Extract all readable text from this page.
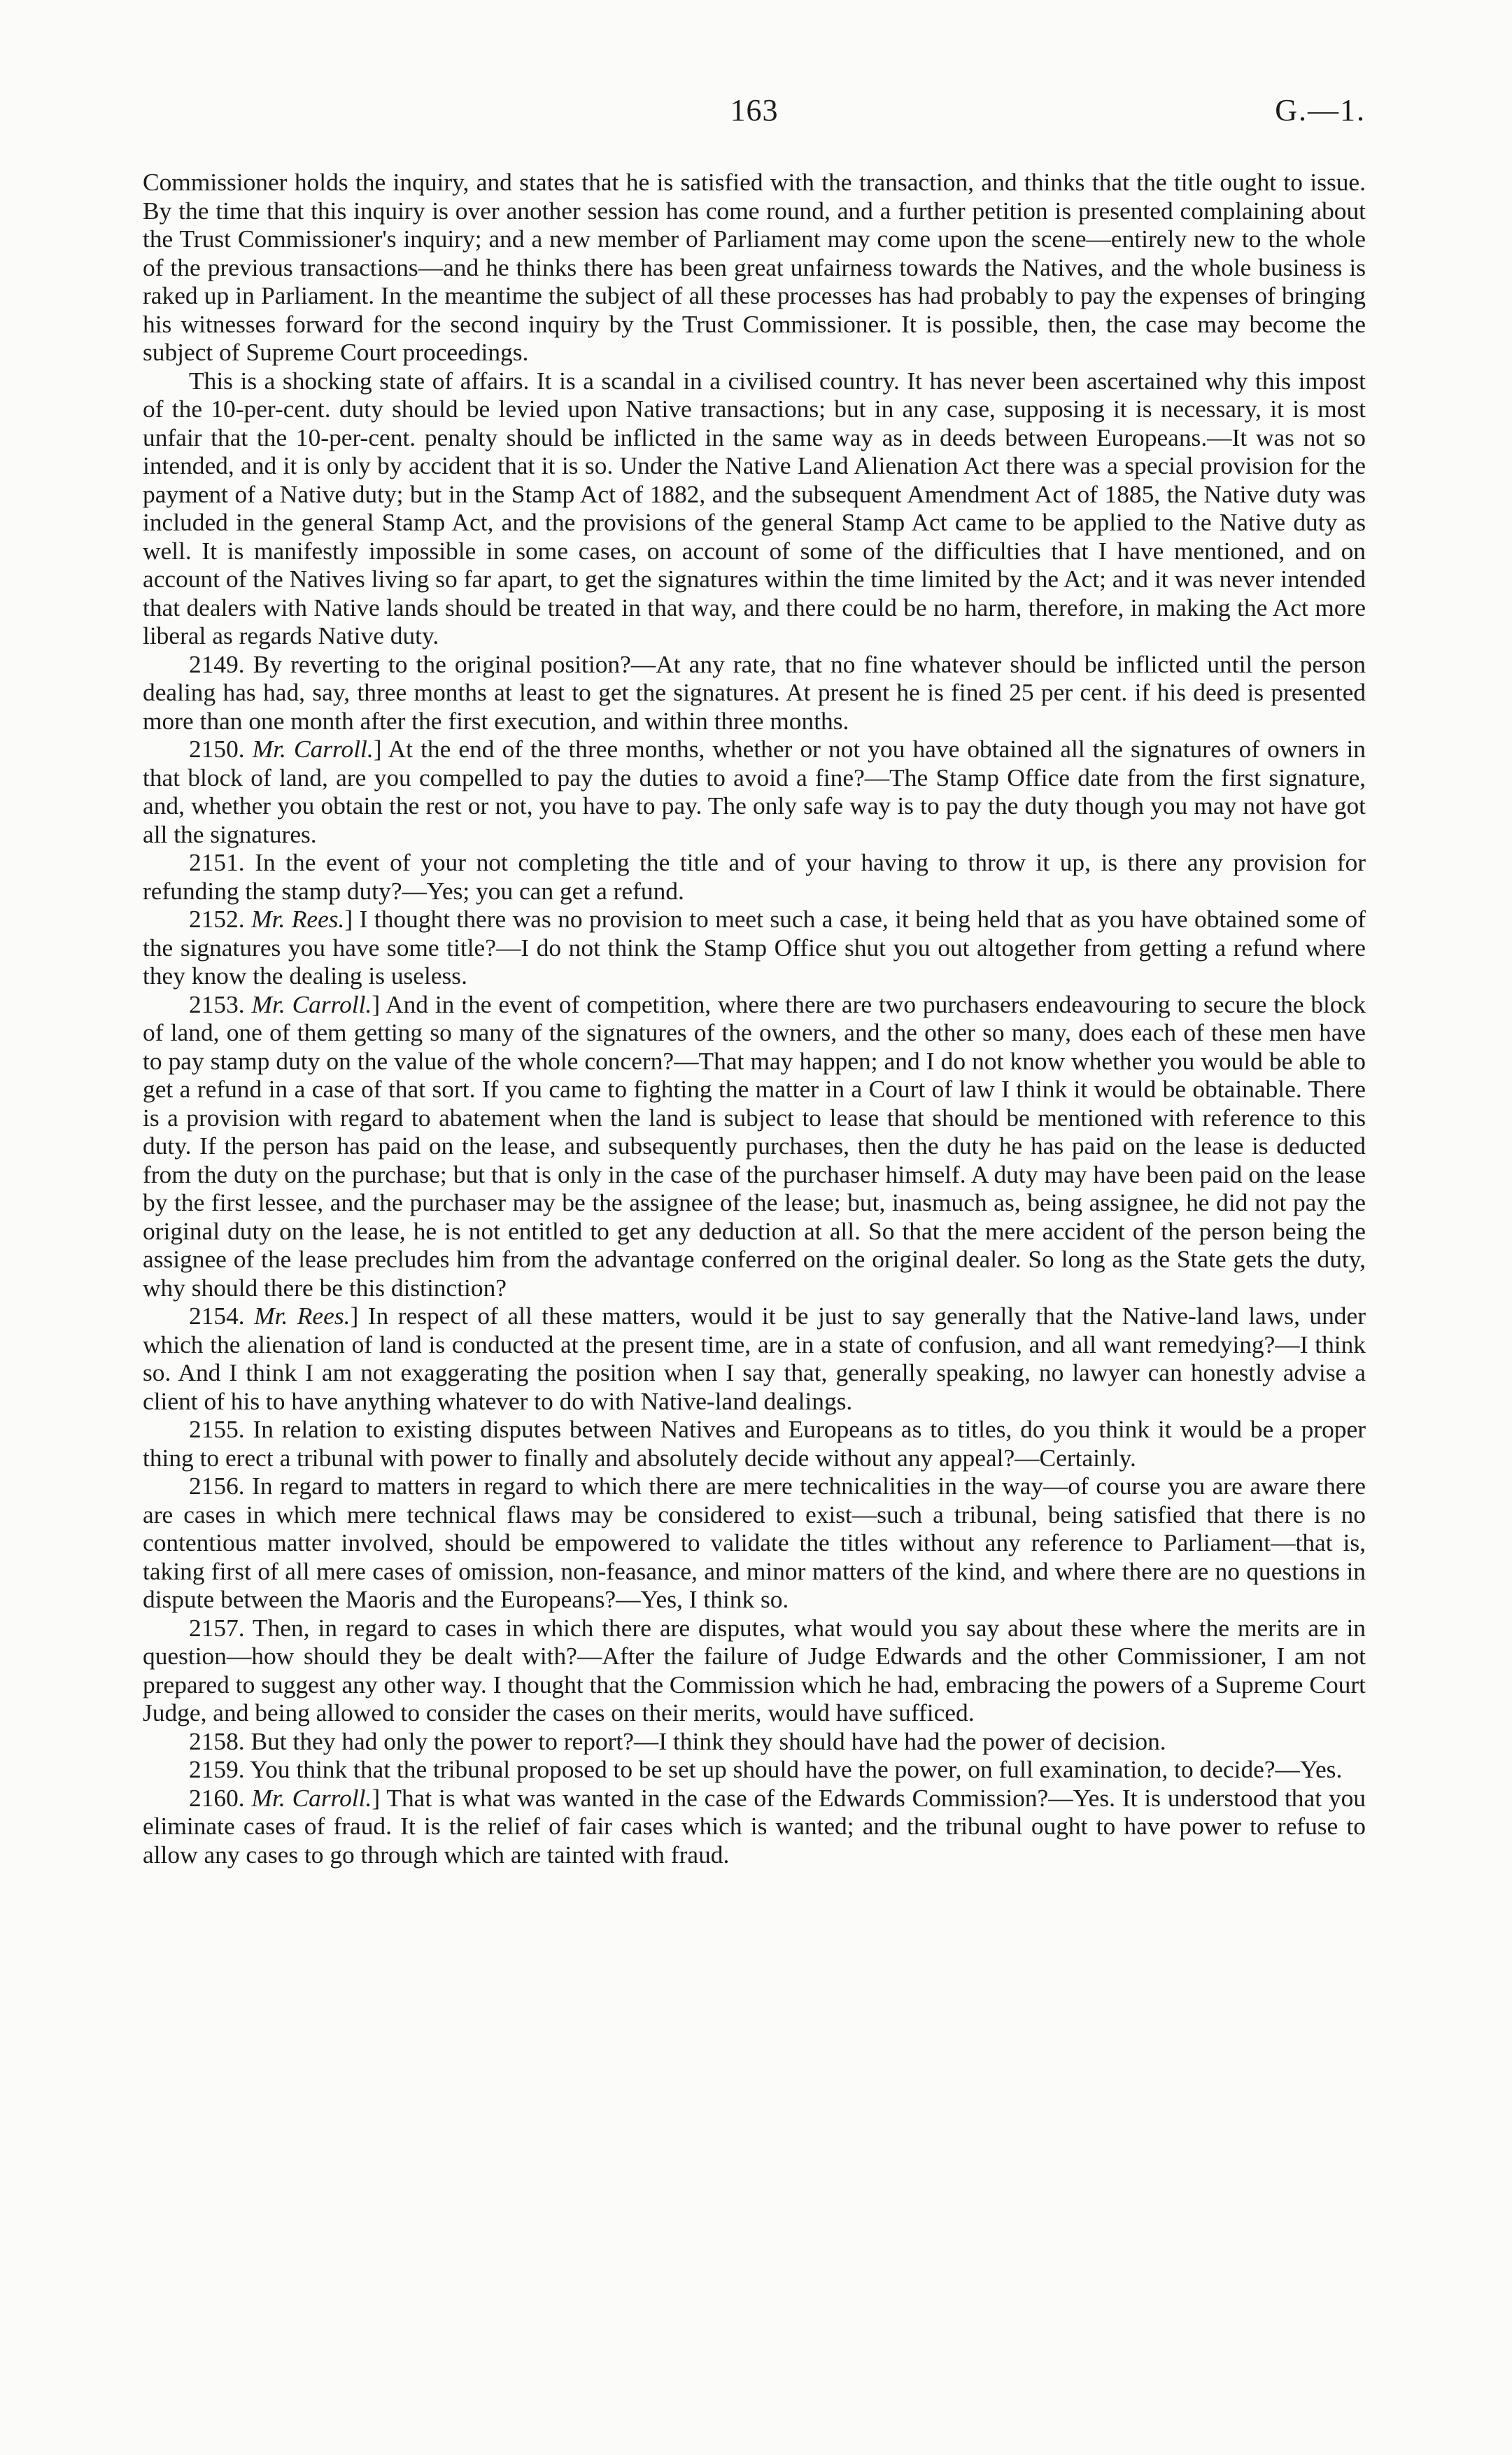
163	G.—1.

Commissioner holds the inquiry, and states that he is satisfied with the transaction, and thinks that the title ought to issue. By the time that this inquiry is over another session has come round, and a further petition is presented complaining about the Trust Commissioner's inquiry; and a new member of Parliament may come upon the scene—entirely new to the whole of the previous transactions—and he thinks there has been great unfairness towards the Natives, and the whole business is raked up in Parliament. In the meantime the subject of all these processes has had probably to pay the expenses of bringing his witnesses forward for the second inquiry by the Trust Commissioner. It is possible, then, the case may become the subject of Supreme Court proceedings.

This is a shocking state of affairs. It is a scandal in a civilised country. It has never been ascertained why this impost of the 10-per-cent. duty should be levied upon Native transactions; but in any case, supposing it is necessary, it is most unfair that the 10-per-cent. penalty should be inflicted in the same way as in deeds between Europeans.—It was not so intended, and it is only by accident that it is so. Under the Native Land Alienation Act there was a special provision for the payment of a Native duty; but in the Stamp Act of 1882, and the subsequent Amendment Act of 1885, the Native duty was included in the general Stamp Act, and the provisions of the general Stamp Act came to be applied to the Native duty as well. It is manifestly impossible in some cases, on account of some of the difficulties that I have mentioned, and on account of the Natives living so far apart, to get the signatures within the time limited by the Act; and it was never intended that dealers with Native lands should be treated in that way, and there could be no harm, therefore, in making the Act more liberal as regards Native duty.

2149. By reverting to the original position?—At any rate, that no fine whatever should be inflicted until the person dealing has had, say, three months at least to get the signatures. At present he is fined 25 per cent. if his deed is presented more than one month after the first execution, and within three months.

2150. Mr. Carroll.] At the end of the three months, whether or not you have obtained all the signatures of owners in that block of land, are you compelled to pay the duties to avoid a fine?—The Stamp Office date from the first signature, and, whether you obtain the rest or not, you have to pay. The only safe way is to pay the duty though you may not have got all the signatures.

2151. In the event of your not completing the title and of your having to throw it up, is there any provision for refunding the stamp duty?—Yes; you can get a refund.

2152. Mr. Rees.] I thought there was no provision to meet such a case, it being held that as you have obtained some of the signatures you have some title?—I do not think the Stamp Office shut you out altogether from getting a refund where they know the dealing is useless.

2153. Mr. Carroll.] And in the event of competition, where there are two purchasers endeavouring to secure the block of land, one of them getting so many of the signatures of the owners, and the other so many, does each of these men have to pay stamp duty on the value of the whole concern?—That may happen; and I do not know whether you would be able to get a refund in a case of that sort. If you came to fighting the matter in a Court of law I think it would be obtainable. There is a provision with regard to abatement when the land is subject to lease that should be mentioned with reference to this duty. If the person has paid on the lease, and subsequently purchases, then the duty he has paid on the lease is deducted from the duty on the purchase; but that is only in the case of the purchaser himself. A duty may have been paid on the lease by the first lessee, and the purchaser may be the assignee of the lease; but, inasmuch as, being assignee, he did not pay the original duty on the lease, he is not entitled to get any deduction at all. So that the mere accident of the person being the assignee of the lease precludes him from the advantage conferred on the original dealer. So long as the State gets the duty, why should there be this distinction?

2154. Mr. Rees.] In respect of all these matters, would it be just to say generally that the Native-land laws, under which the alienation of land is conducted at the present time, are in a state of confusion, and all want remedying?—I think so. And I think I am not exaggerating the position when I say that, generally speaking, no lawyer can honestly advise a client of his to have anything whatever to do with Native-land dealings.

2155. In relation to existing disputes between Natives and Europeans as to titles, do you think it would be a proper thing to erect a tribunal with power to finally and absolutely decide without any appeal?—Certainly.

2156. In regard to matters in regard to which there are mere technicalities in the way—of course you are aware there are cases in which mere technical flaws may be considered to exist—such a tribunal, being satisfied that there is no contentious matter involved, should be empowered to validate the titles without any reference to Parliament—that is, taking first of all mere cases of omission, non-feasance, and minor matters of the kind, and where there are no questions in dispute between the Maoris and the Europeans?—Yes, I think so.

2157. Then, in regard to cases in which there are disputes, what would you say about these where the merits are in question—how should they be dealt with?—After the failure of Judge Edwards and the other Commissioner, I am not prepared to suggest any other way. I thought that the Commission which he had, embracing the powers of a Supreme Court Judge, and being allowed to consider the cases on their merits, would have sufficed.

2158. But they had only the power to report?—I think they should have had the power of decision.

2159. You think that the tribunal proposed to be set up should have the power, on full examination, to decide?—Yes.

2160. Mr. Carroll.] That is what was wanted in the case of the Edwards Commission?—Yes. It is understood that you eliminate cases of fraud. It is the relief of fair cases which is wanted; and the tribunal ought to have power to refuse to allow any cases to go through which are tainted with fraud.
